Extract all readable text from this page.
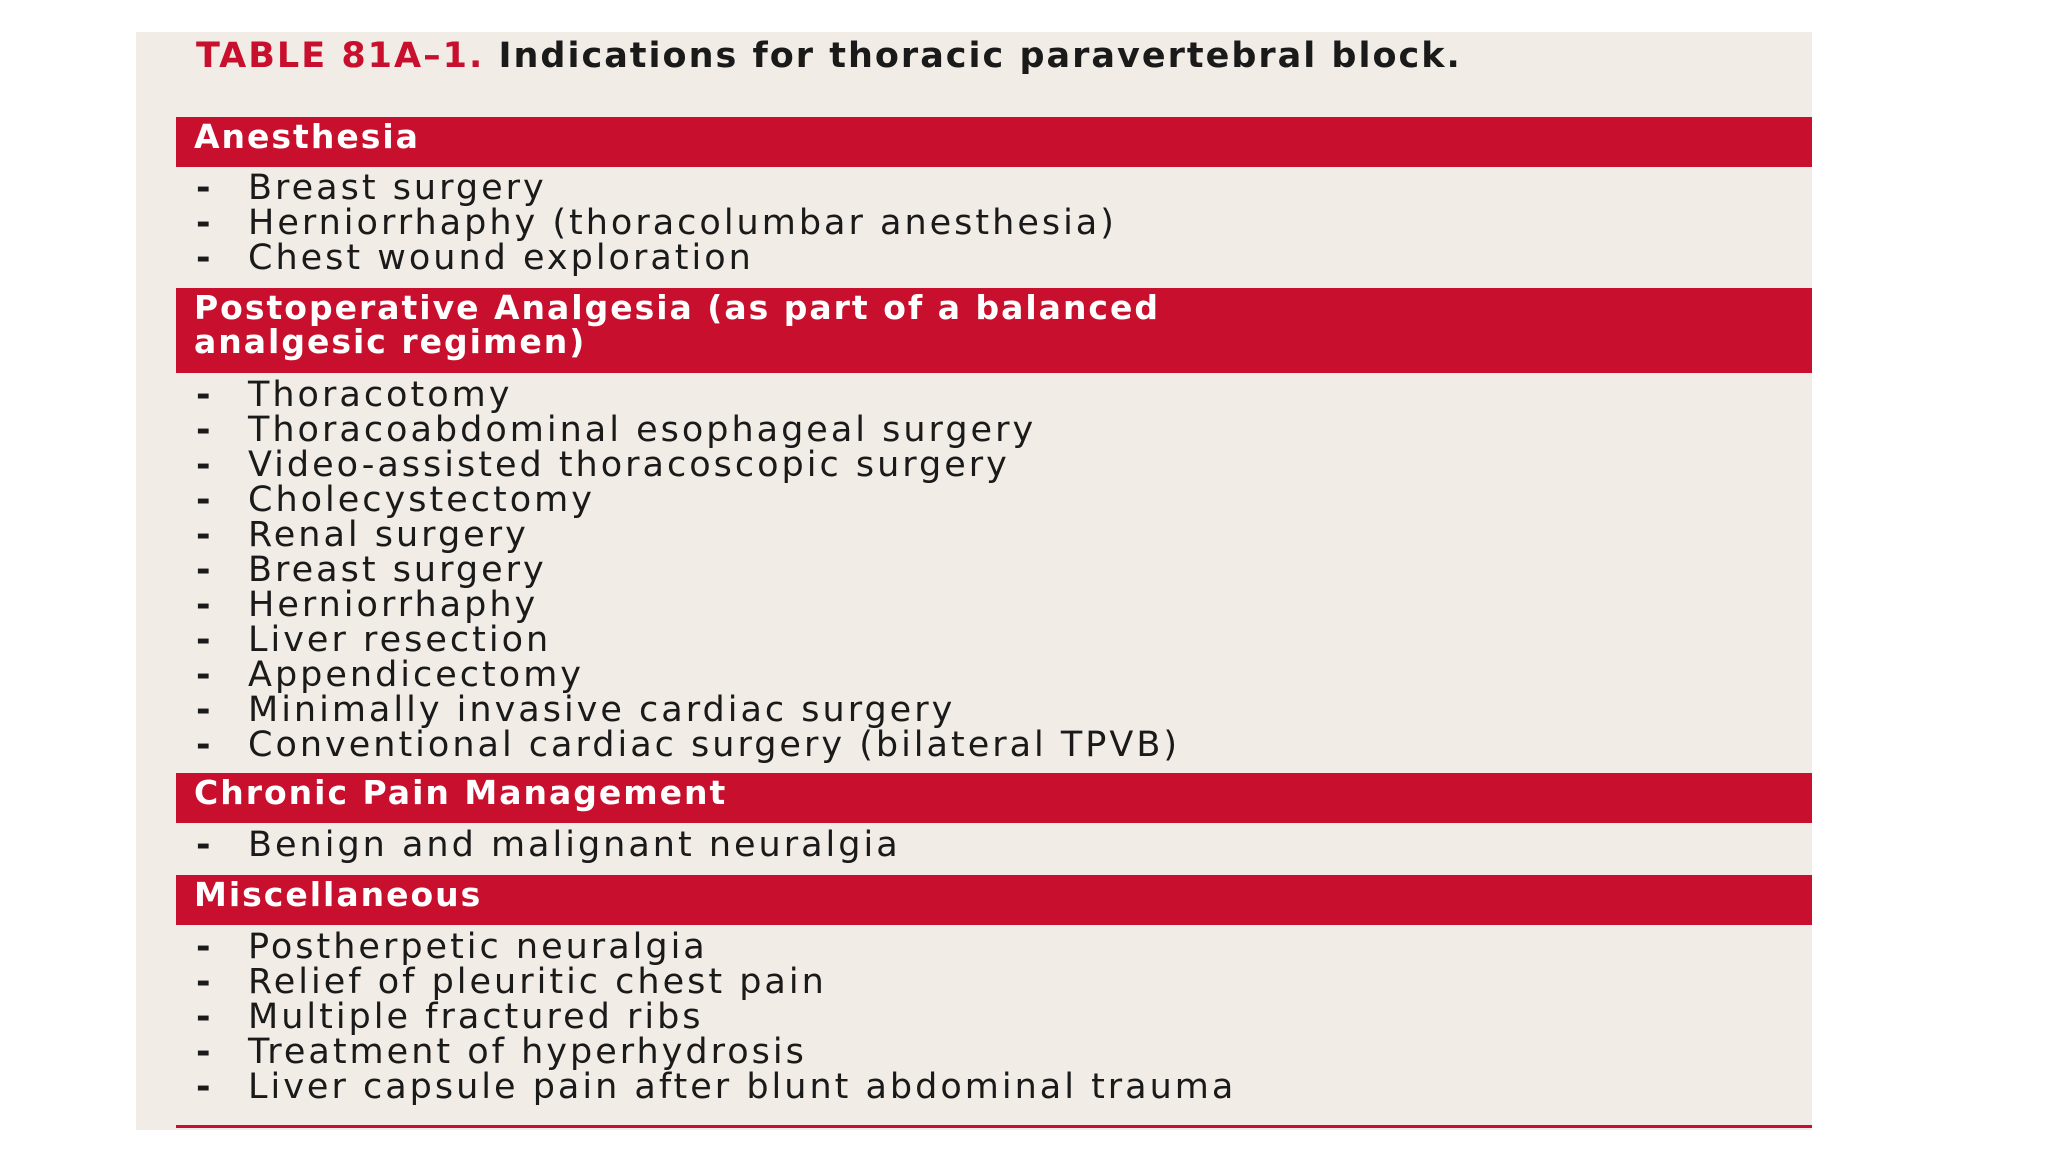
TABLE 81A–1. Indications for thoracic paravertebral block.
Anesthesia
- Breast surgery
- Herniorrhaphy (thoracolumbar anesthesia)
- Chest wound exploration
Postoperative Analgesia (as part of a balanced
analgesic regimen)
- Thoracotomy
- Thoracoabdominal esophageal surgery
- Video-assisted thoracoscopic surgery
- Cholecystectomy
- Renal surgery
- Breast surgery
- Herniorrhaphy
- Liver resection
- Appendicectomy
- Minimally invasive cardiac surgery
- Conventional cardiac surgery (bilateral TPVB)
Chronic Pain Management
- Benign and malignant neuralgia
Miscellaneous
- Postherpetic neuralgia
- Relief of pleuritic chest pain
- Multiple fractured ribs
- Treatment of hyperhydrosis
- Liver capsule pain after blunt abdominal trauma
